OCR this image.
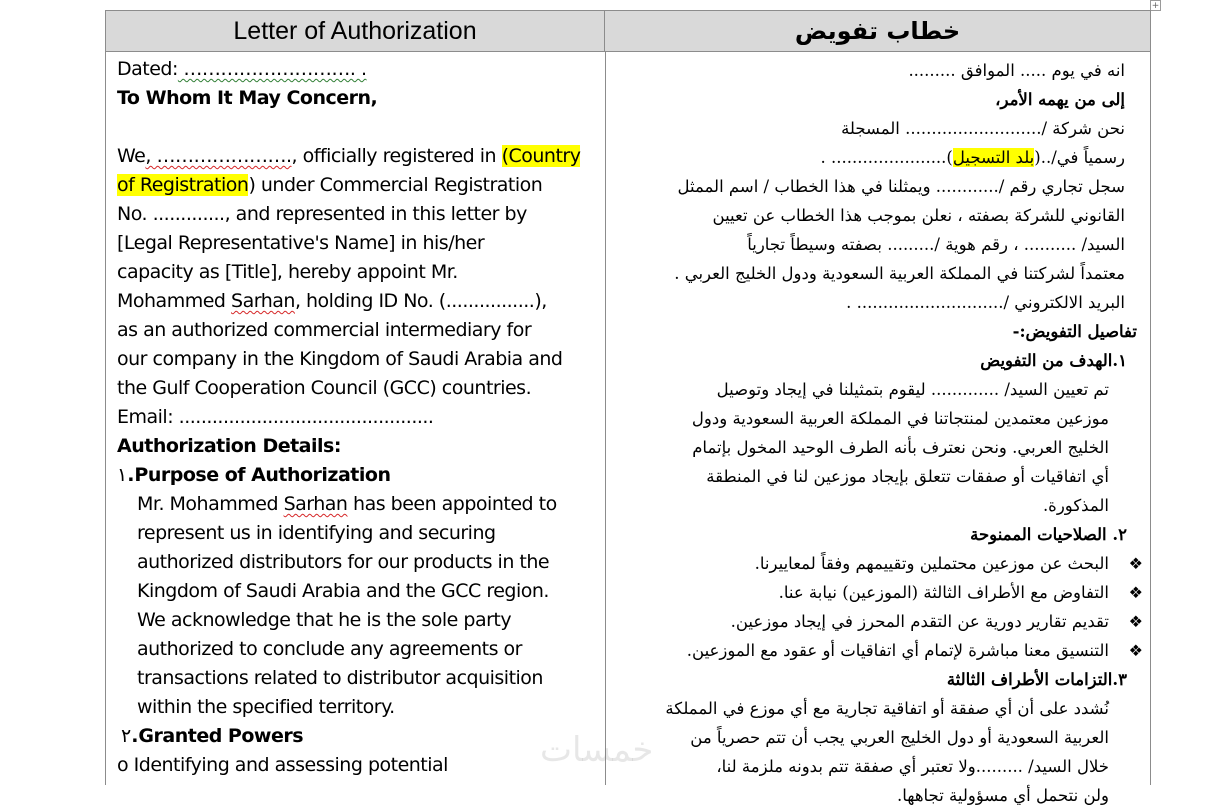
+
Letter of Authorization	خطاب تفويض
Dated: ………………………. .
To Whom It May Concern,
We, …………………., officially registered in (Country
of Registration) under Commercial Registration
No. ............., and represented in this letter by
[Legal Representative's Name] in his/her
capacity as [Title], hereby appoint Mr.
Mohammed Sarhan, holding ID No. (................),
as an authorized commercial intermediary for
our company in the Kingdom of Saudi Arabia and
the Gulf Cooperation Council (GCC) countries.
Email: ..............................................
Authorization Details:
١.Purpose of Authorization
Mr. Mohammed Sarhan has been appointed to
represent us in identifying and securing
authorized distributors for our products in the
Kingdom of Saudi Arabia and the GCC region.
We acknowledge that he is the sole party
authorized to conclude any agreements or
transactions related to distributor acquisition
within the specified territory.
٢.Granted Powers
o Identifying and assessing potential
انه في يوم ..... الموافق .........
إلى من يهمه الأمر،
نحن شركة /.......................... المسجلة
رسمياً في/..(بلد التسجيل)...................... .
سجل تجاري رقم /............ ويمثلنا في هذا الخطاب / اسم الممثل
القانوني للشركة بصفته ، نعلن بموجب هذا الخطاب عن تعيين
السيد/ .......... ، رقم هوية /......... بصفته وسيطاً تجارياً
معتمداً لشركتنا في المملكة العربية السعودية ودول الخليج العربي .
البريد الالكتروني /............................ .
تفاصيل التفويض:-
١.الهدف من التفويض
تم تعيين السيد/ ............. ليقوم بتمثيلنا في إيجاد وتوصيل
موزعين معتمدين لمنتجاتنا في المملكة العربية السعودية ودول
الخليج العربي. ونحن نعترف بأنه الطرف الوحيد المخول بإتمام
أي اتفاقيات أو صفقات تتعلق بإيجاد موزعين لنا في المنطقة
المذكورة.
٢. الصلاحيات الممنوحة
❖
البحث عن موزعين محتملين وتقييمهم وفقاً لمعاييرنا.
❖
التفاوض مع الأطراف الثالثة (الموزعين) نيابة عنا.
❖
تقديم تقارير دورية عن التقدم المحرز في إيجاد موزعين.
❖
التنسيق معنا مباشرة لإتمام أي اتفاقيات أو عقود مع الموزعين.
٣.التزامات الأطراف الثالثة
نُشدد على أن أي صفقة أو اتفاقية تجارية مع أي موزع في المملكة
العربية السعودية أو دول الخليج العربي يجب أن تتم حصرياً من
خلال السيد/ .........ولا تعتبر أي صفقة تتم بدونه ملزمة لنا،
ولن نتحمل أي مسؤولية تجاهها.
خمسات
